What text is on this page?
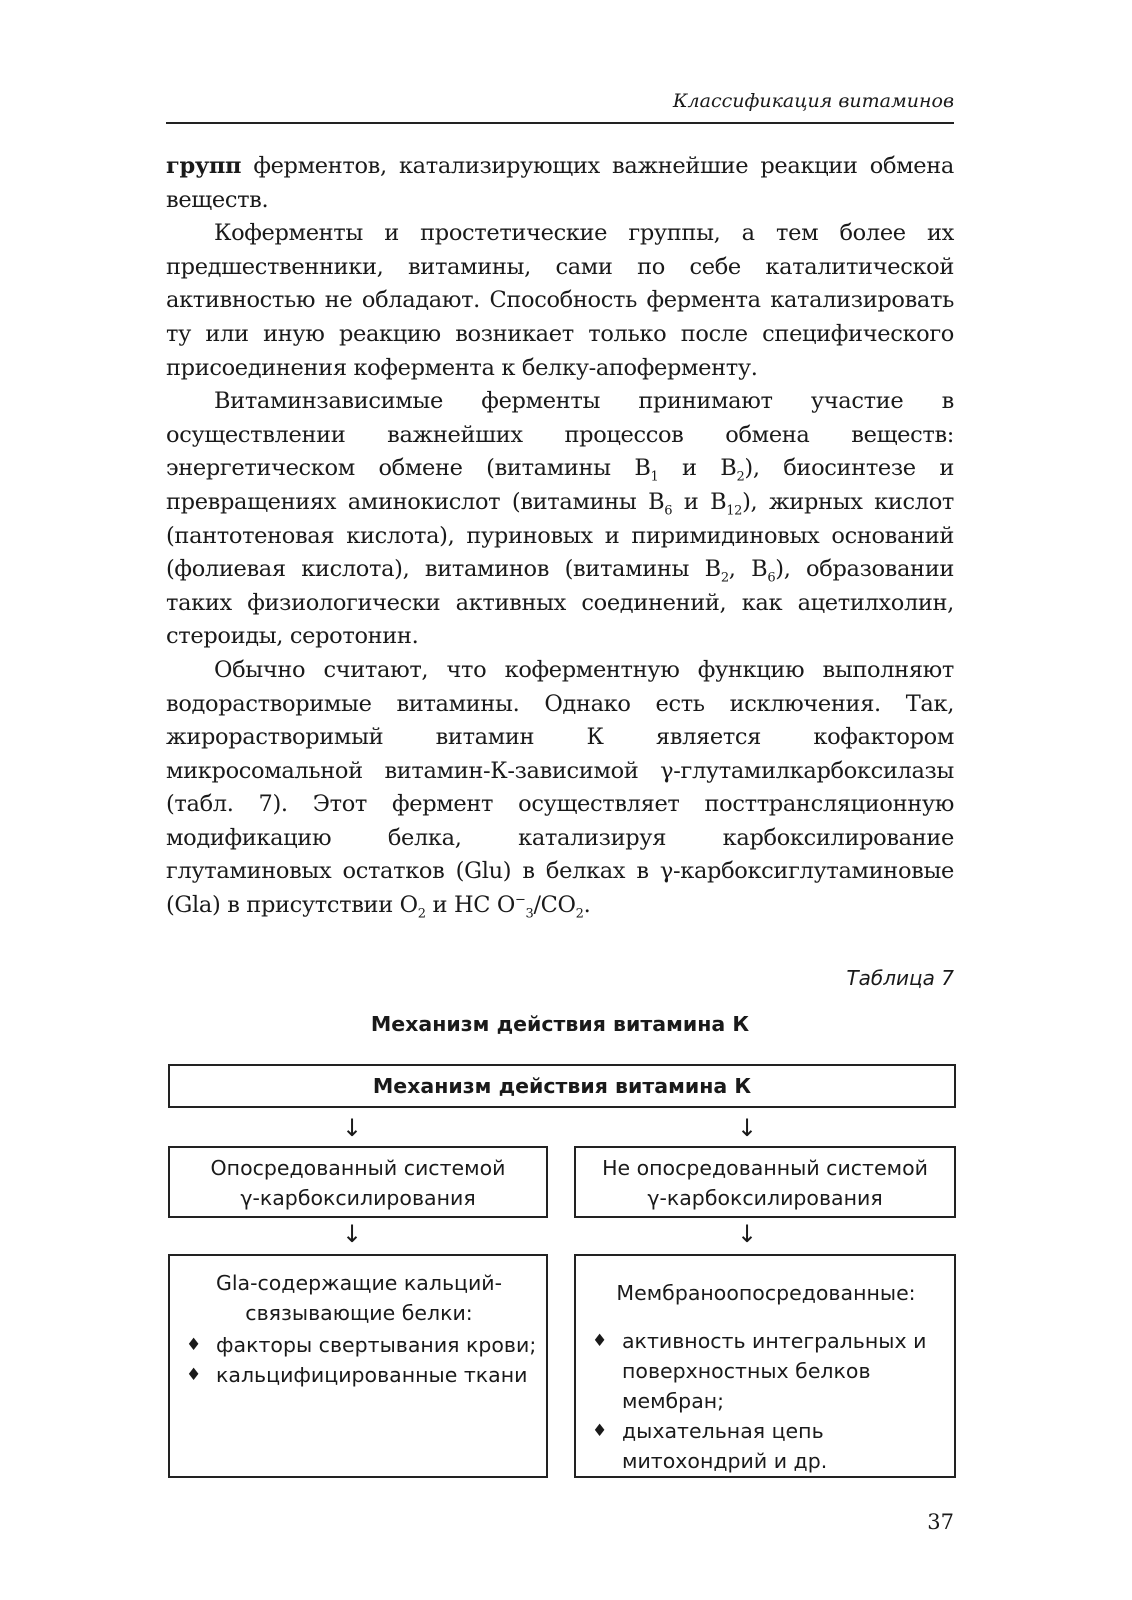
Классификация витаминов

групп ферментов, катализирующих важнейшие реакции обмена веществ.

Коферменты и простетические группы, а тем более их предшественники, витамины, сами по себе каталитической активностью не обладают. Способность фермента катализировать ту или иную реакцию возникает только после специфического присоединения кофермента к белку-апоферменту.

Витаминзависимые ферменты принимают участие в осуществлении важнейших процессов обмена веществ: энергетическом обмене (витамины $B_1$ и $B_2$), биосинтезе и превращениях аминокислот (витамины $B_6$ и $B_{12}$), жирных кислот (пантотеновая кислота), пуриновых и пиримидиновых оснований (фолиевая кислота), витаминов (витамины $B_2$, $B_6$), образовании таких физиологически активных соединений, как ацетилхолин, стероиды, серотонин.

Обычно считают, что коферментную функцию выполняют водорастворимые витамины. Однако есть исключения. Так, жирорастворимый витамин К является кофактором микросомальной витамин-К-зависимой γ-глутамилкарбоксилазы (табл. 7). Этот фермент осуществляет посттрансляционную модификацию белка, катализируя карбоксилирование глутаминовых остатков (Glu) в белках в γ-карбоксиглутаминовые (Gla) в присутствии $O_2$ и HC $O^-_3/CO_2$.

Таблица 7
Механизм действия витамина К
Механизм действия витамина К
↓	↓
Опосредованный системой
γ-карбоксилирования
Не опосредованный системой
γ-карбоксилирования
↓	↓
Gla-содержащие кальций-
связывающие белки:
♦ факторы свертывания крови;
♦ кальцифицированные ткани
Мембраноопосредованные:
♦ активность интегральных и поверхностных белков мембран;
♦ дыхательная цепь митохондрий и др.
37
